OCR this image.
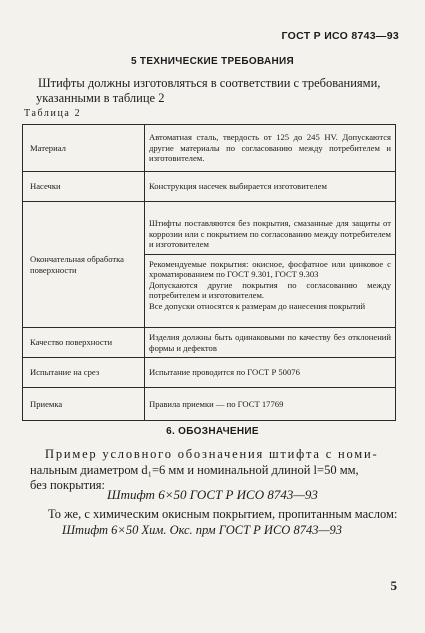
ГОСТ Р ИСО 8743—93
5 ТЕХНИЧЕСКИЕ ТРЕБОВАНИЯ
Штифты должны изготовляться в соответствии с требованиями,
указанными в таблице 2
Таблица 2
Материал	Автоматная сталь, твердость от 125 до 245 HV. Допускаются другие материалы по согласованию между потребителем и изготовителем.
Насечки	Конструкция насечек выбирается изготовителем
Окончательная обработка поверхности	Штифты поставляются без покрытия, смазанные для защиты от коррозии или с покрытием по согласованию между потребителем и изготовителем
Рекомендуемые покрытия: окисное, фосфатное или цинковое с хроматированием по ГОСТ 9.301, ГОСТ 9.303
Допускаются другие покрытия по согласованию между потребителем и изготовителем.
Все допуски относятся к размерам до нанесения покрытий

Качество поверхности	Изделия должны быть одинаковыми по качеству без отклонений формы и дефектов
Испытание на срез	Испытание проводится по ГОСТ Р 50076
Приемка	Правила приемки — по ГОСТ 17769
6. ОБОЗНАЧЕНИЕ
Пример условного обозначения штифта с номи-
нальным диаметром d₁=6 мм и номинальной длиной l=50 мм,
без покрытия:
Штифт 6×50 ГОСТ Р ИСО 8743—93
То же, с химическим окисным покрытием, пропитанным маслом:
Штифт 6×50 Хим. Окс. прм ГОСТ Р ИСО 8743—93
5
